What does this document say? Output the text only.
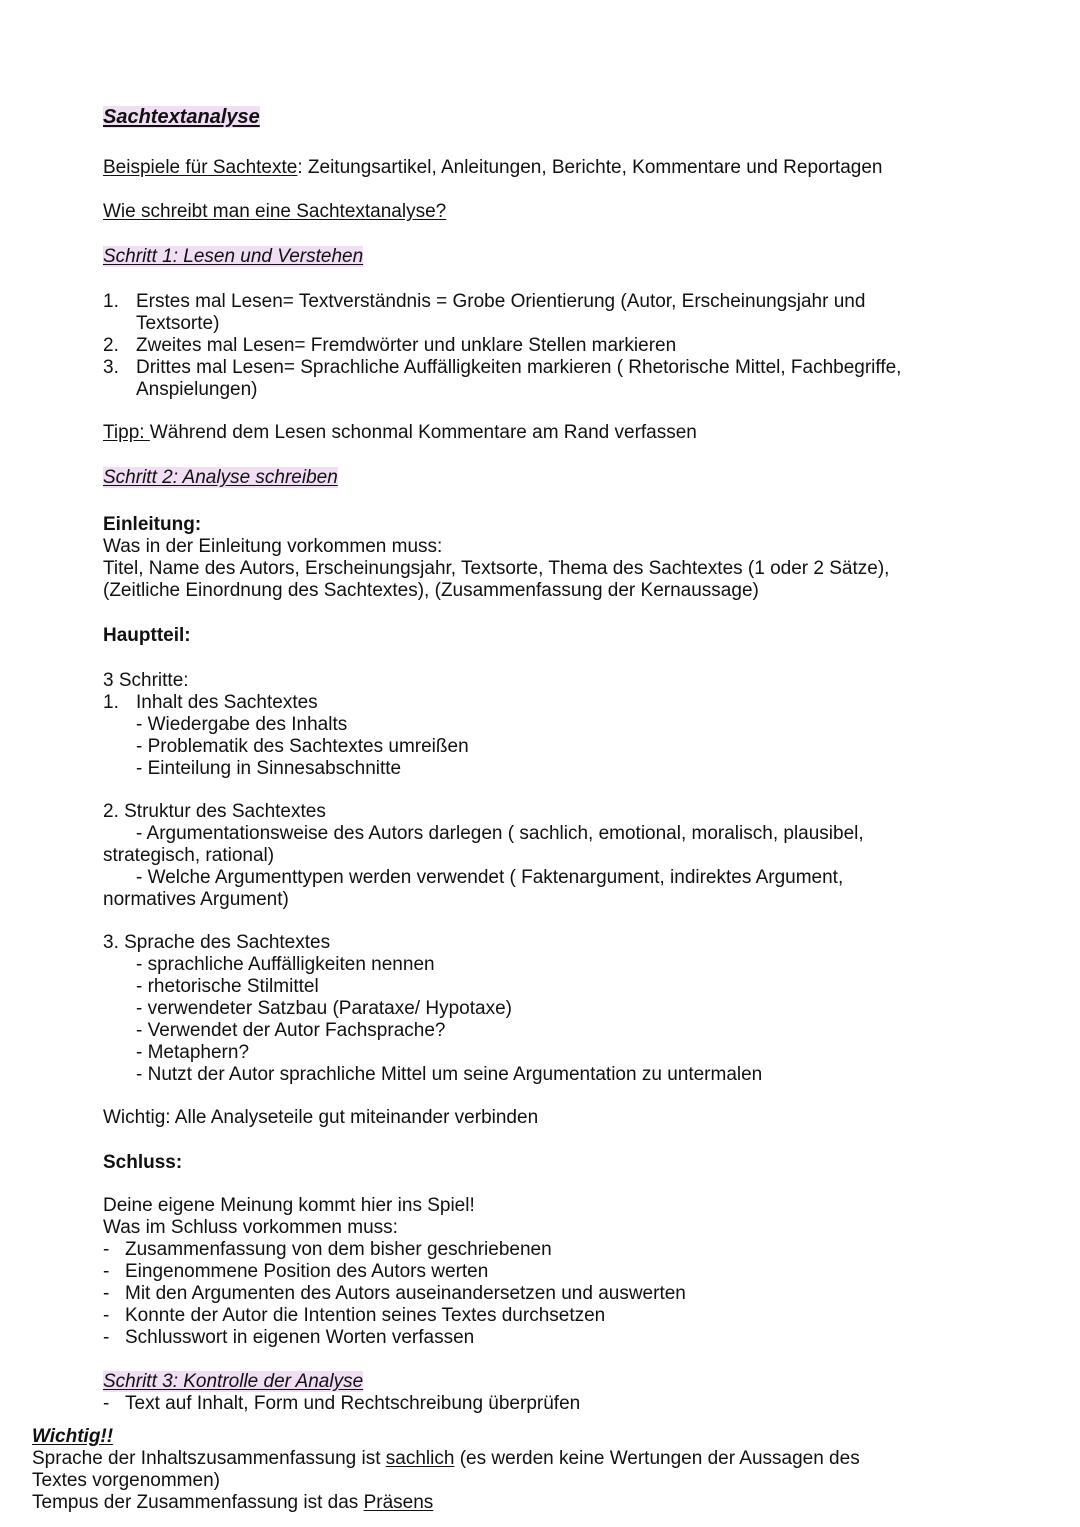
Sachtextanalyse
Beispiele für Sachtexte: Zeitungsartikel, Anleitungen, Berichte, Kommentare und Reportagen
Wie schreibt man eine Sachtextanalyse?
Schritt 1: Lesen und Verstehen
1. Erstes mal Lesen= Textverständnis = Grobe Orientierung (Autor, Erscheinungsjahr und
Textsorte)
2. Zweites mal Lesen= Fremdwörter und unklare Stellen markieren
3. Drittes mal Lesen= Sprachliche Auffälligkeiten markieren ( Rhetorische Mittel, Fachbegriffe,
Anspielungen)
Tipp: Während dem Lesen schonmal Kommentare am Rand verfassen
Schritt 2: Analyse schreiben
Einleitung:
Was in der Einleitung vorkommen muss:
Titel, Name des Autors, Erscheinungsjahr, Textsorte, Thema des Sachtextes (1 oder 2 Sätze),
(Zeitliche Einordnung des Sachtextes), (Zusammenfassung der Kernaussage)
Hauptteil:
3 Schritte:
1. Inhalt des Sachtextes
- Wiedergabe des Inhalts
- Problematik des Sachtextes umreißen
- Einteilung in Sinnesabschnitte
2. Struktur des Sachtextes
- Argumentationsweise des Autors darlegen ( sachlich, emotional, moralisch, plausibel,
strategisch, rational)
- Welche Argumenttypen werden verwendet ( Faktenargument, indirektes Argument,
normatives Argument)
3. Sprache des Sachtextes
- sprachliche Auffälligkeiten nennen
- rhetorische Stilmittel
- verwendeter Satzbau (Parataxe/ Hypotaxe)
- Verwendet der Autor Fachsprache?
- Metaphern?
- Nutzt der Autor sprachliche Mittel um seine Argumentation zu untermalen
Wichtig: Alle Analyseteile gut miteinander verbinden
Schluss:
Deine eigene Meinung kommt hier ins Spiel!
Was im Schluss vorkommen muss:
- Zusammenfassung von dem bisher geschriebenen
- Eingenommene Position des Autors werten
- Mit den Argumenten des Autors auseinandersetzen und auswerten
- Konnte der Autor die Intention seines Textes durchsetzen
- Schlusswort in eigenen Worten verfassen
Schritt 3: Kontrolle der Analyse
- Text auf Inhalt, Form und Rechtschreibung überprüfen
Wichtig!!
Sprache der Inhaltszusammenfassung ist sachlich (es werden keine Wertungen der Aussagen des
Textes vorgenommen)
Tempus der Zusammenfassung ist das Präsens
